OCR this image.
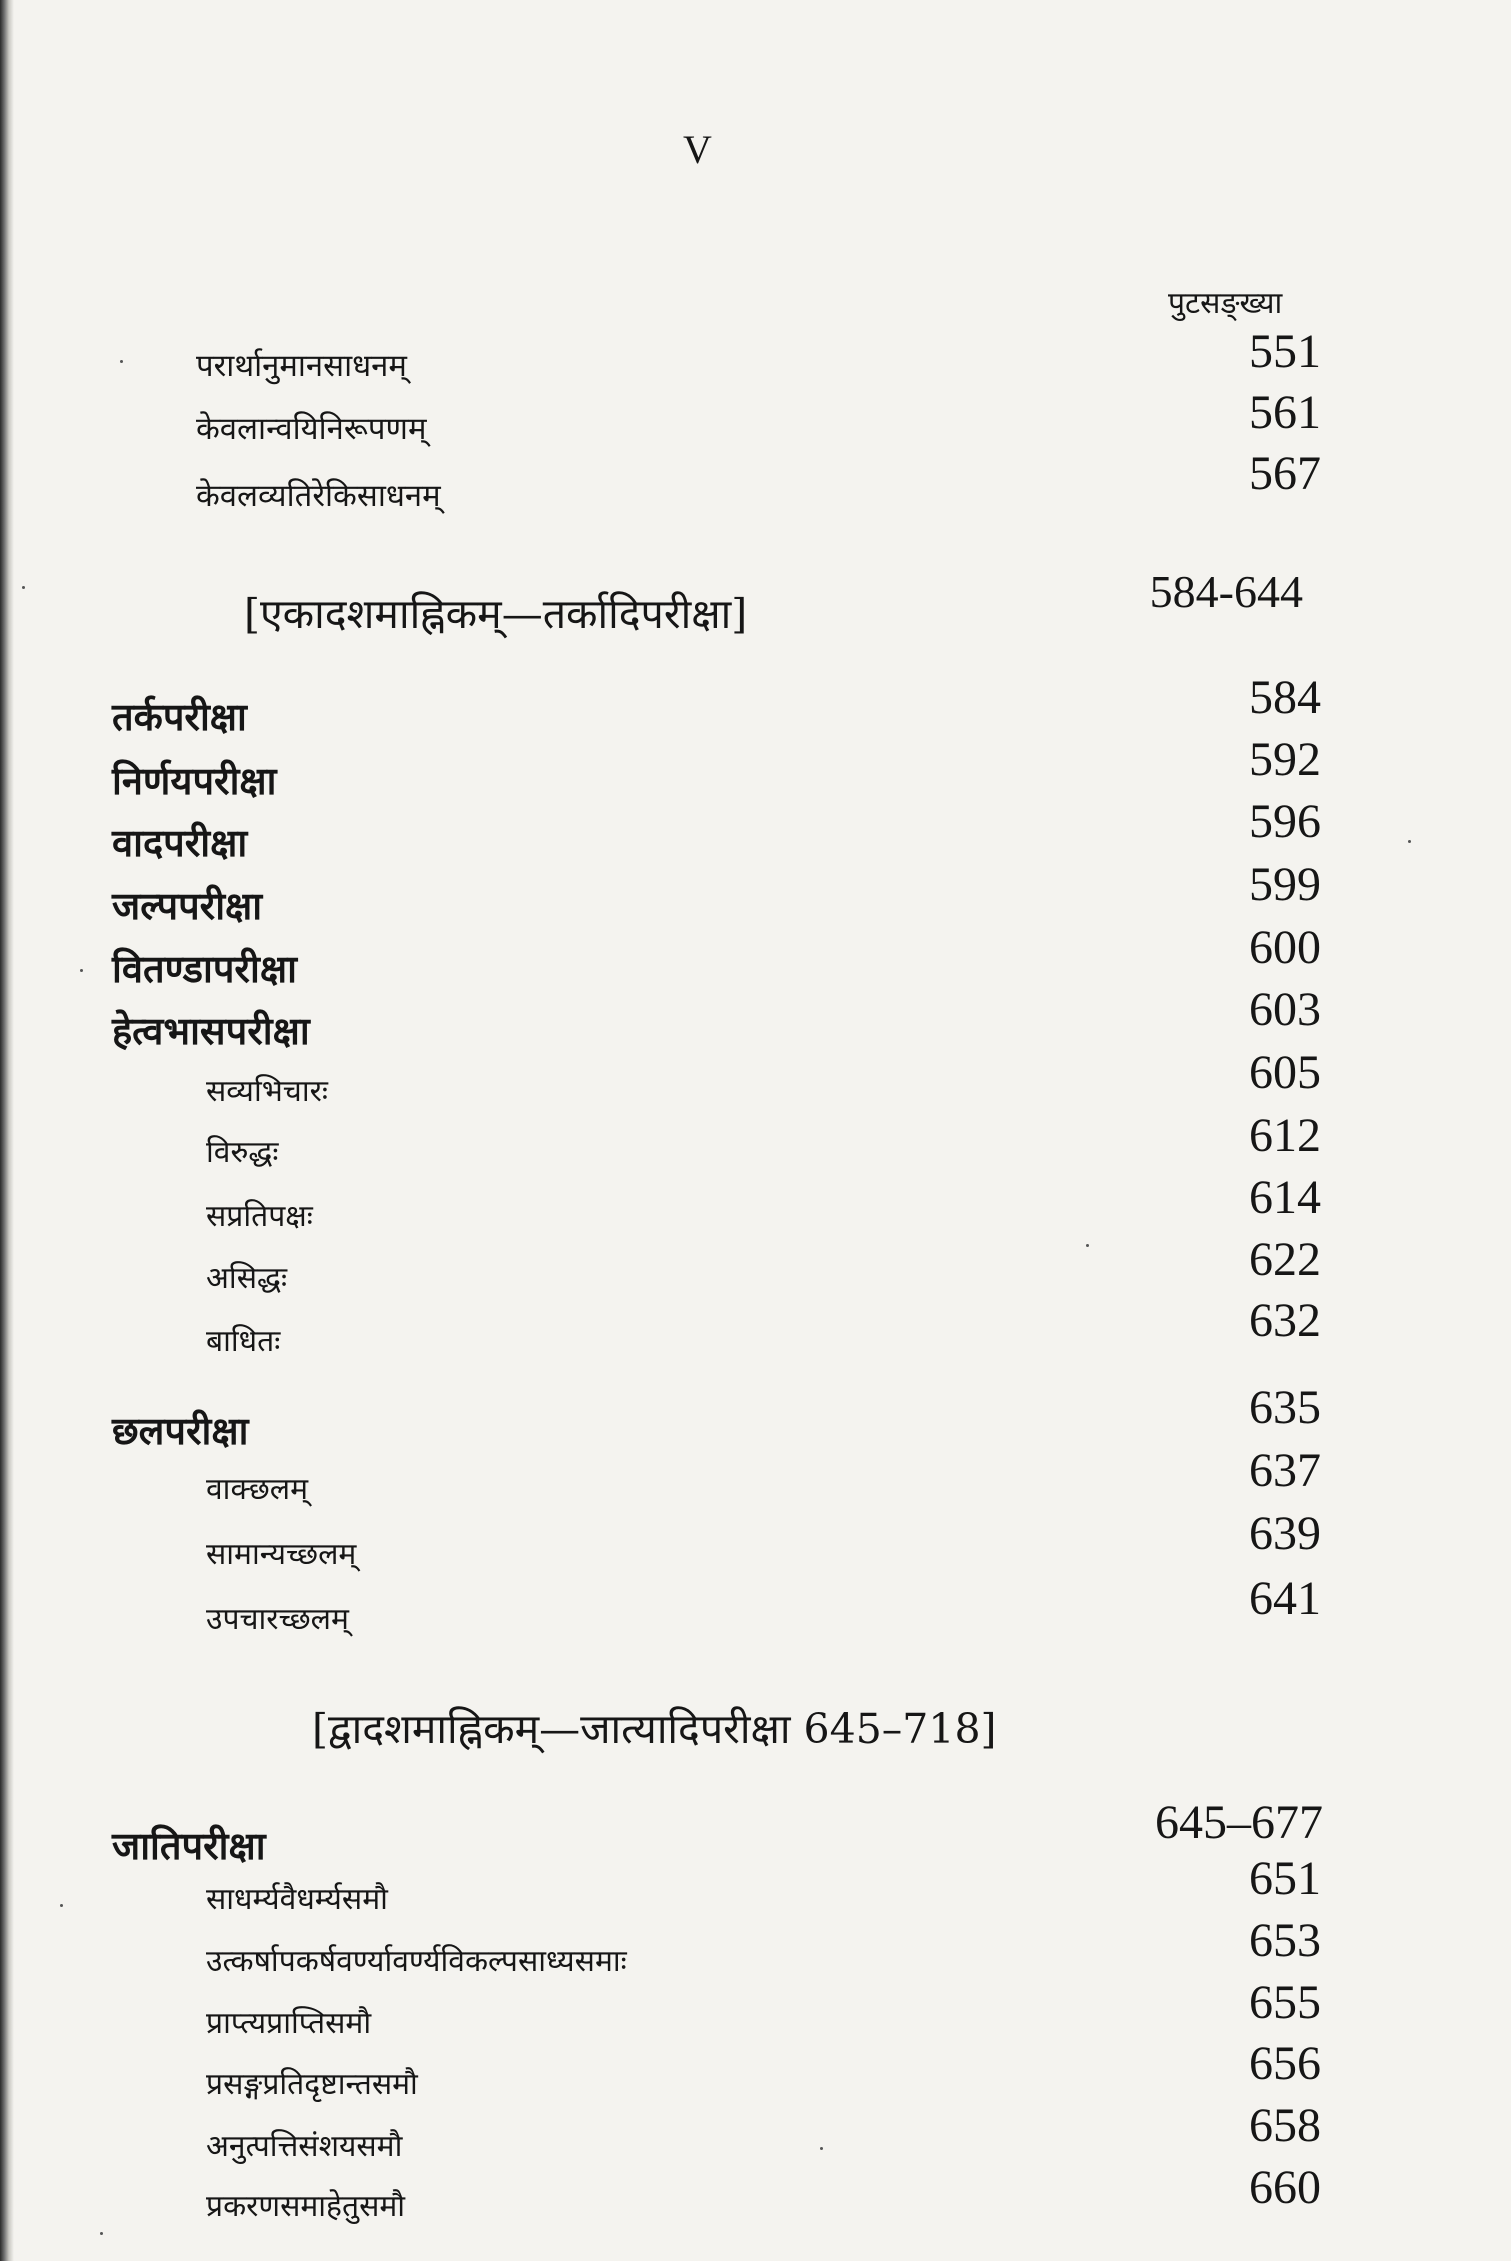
V
पुटसङ्ख्या
परार्थानुमानसाधनम्	551
केवलान्वयिनिरूपणम्	561
केवलव्यतिरेकिसाधनम्	567
[एकादशमाह्निकम्—तर्कादिपरीक्षा]	584-644
तर्कपरीक्षा	584
निर्णयपरीक्षा	592
वादपरीक्षा	596
जल्पपरीक्षा	599
वितण्डापरीक्षा	600
हेत्वभासपरीक्षा	603
सव्यभिचारः	605
विरुद्धः	612
सप्रतिपक्षः	614
असिद्धः	622
बाधितः	632
छलपरीक्षा	635
वाक्छलम्	637
सामान्यच्छलम्	639
उपचारच्छलम्	641
[द्वादशमाह्निकम्—जात्यादिपरीक्षा 645–718]
जातिपरीक्षा	645–677
साधर्म्यवैधर्म्यसमौ	651
उत्कर्षापकर्षवर्ण्यावर्ण्यविकल्पसाध्यसमाः	653
प्राप्त्यप्राप्तिसमौ	655
प्रसङ्गप्रतिदृष्टान्तसमौ	656
अनुत्पत्तिसंशयसमौ	658
प्रकरणसमाहेतुसमौ	660
